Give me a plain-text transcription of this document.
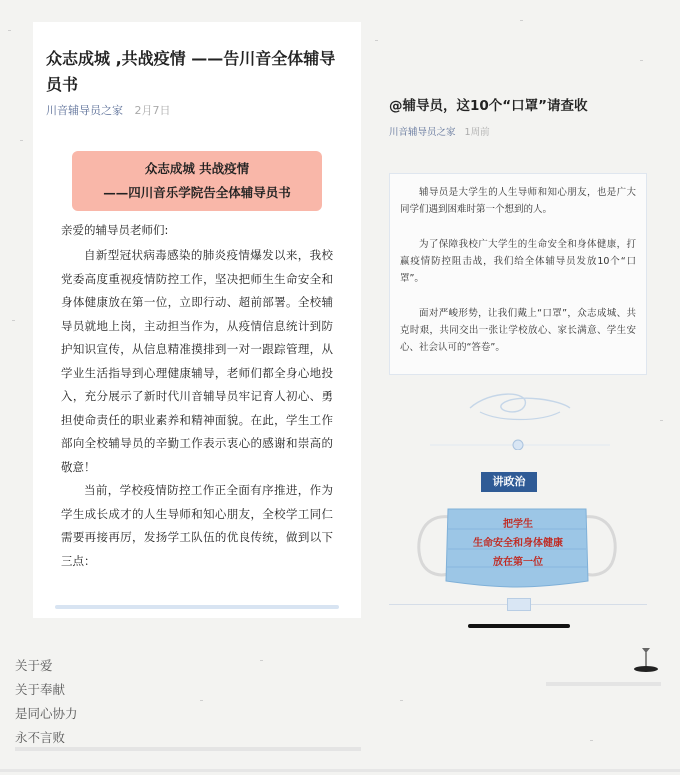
众志成城 ,共战疫情 ——告川音全体辅导员书
川音辅导员之家 2月7日
众志成城 共战疫情
——四川音乐学院告全体辅导员书
亲爱的辅导员老师们:

自新型冠状病毒感染的肺炎疫情爆发以来，我校党委高度重视疫情防控工作，坚决把师生生命安全和身体健康放在第一位，立即行动、超前部署。全校辅导员就地上岗，主动担当作为，从疫情信息统计到防护知识宣传，从信息精准摸排到一对一跟踪管理，从学业生活指导到心理健康辅导，老师们都全身心地投入，充分展示了新时代川音辅导员牢记育人初心、勇担使命责任的职业素养和精神面貌。在此，学生工作部向全校辅导员的辛勤工作表示衷心的感谢和崇高的敬意！

当前，学校疫情防控工作正全面有序推进，作为学生成长成才的人生导师和知心朋友，全校学工同仁需要再接再厉，发扬学工队伍的优良传统，做到以下三点：

关于爱
关于奉献
是同心协力
永不言败
@辅导员，这10个“口罩”请查收
川音辅导员之家 1周前

辅导员是大学生的人生导师和知心朋友，也是广大同学们遇到困难时第一个想到的人。

为了保障我校广大学生的生命安全和身体健康，打赢疫情防控阻击战，我们给全体辅导员发放10个“口罩”。

面对严峻形势，让我们戴上“口罩”，众志成城、共克时艰，共同交出一张让学校放心、家长满意、学生安心、社会认可的“答卷”。

讲政治
把学生
生命安全和身体健康
放在第一位
